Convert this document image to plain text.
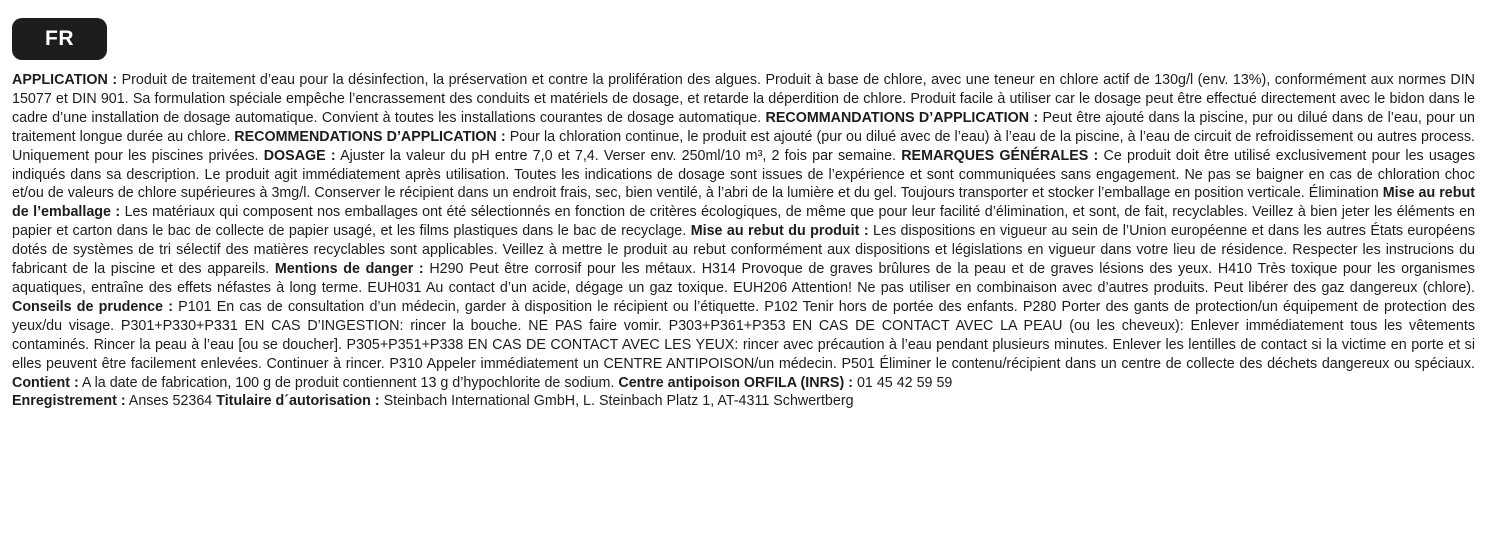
FR

APPLICATION : Produit de traitement d’eau pour la désinfection, la préservation et contre la prolifération des algues. Produit à base de chlore, avec une teneur en chlore actif de 130g/l (env. 13%), conformément aux normes DIN 15077 et DIN 901. Sa formulation spéciale empêche l’encrassement des conduits et matériels de dosage, et retarde la déperdition de chlore. Produit facile à utiliser car le dosage peut être effectué directement avec le bidon dans le cadre d’une installation de dosage automatique. Convient à toutes les installations courantes de dosage automatique. RECOMMANDATIONS D’APPLICATION : Peut être ajouté dans la piscine, pur ou dilué dans de l’eau, pour un traitement longue durée au chlore. RECOMMENDATIONS D’APPLICATION : Pour la chloration continue, le produit est ajouté (pur ou dilué avec de l’eau) à l’eau de la piscine, à l’eau de circuit de refroidissement ou autres process. Uniquement pour les piscines privées. DOSAGE : Ajuster la valeur du pH entre 7,0 et 7,4. Verser env. 250ml/10 m³, 2 fois par semaine. REMARQUES GÉNÉRALES : Ce produit doit être utilisé exclusivement pour les usages indiqués dans sa description. Le produit agit immédiatement après utilisation. Toutes les indications de dosage sont issues de l’expérience et sont communiquées sans engagement. Ne pas se baigner en cas de chloration choc et/ou de valeurs de chlore supérieures à 3mg/l. Conserver le récipient dans un endroit frais, sec, bien ventilé, à l’abri de la lumière et du gel. Toujours transporter et stocker l’emballage en position verticale. Élimination Mise au rebut de l’emballage : Les matériaux qui composent nos emballages ont été sélectionnés en fonction de critères écologiques, de même que pour leur facilité d’élimination, et sont, de fait, recyclables. Veillez à bien jeter les éléments en papier et carton dans le bac de collecte de papier usagé, et les films plastiques dans le bac de recyclage. Mise au rebut du produit : Les dispositions en vigueur au sein de l’Union européenne et dans les autres États européens dotés de systèmes de tri sélectif des matières recyclables sont applicables. Veillez à mettre le produit au rebut conformément aux dispositions et législations en vigueur dans votre lieu de résidence. Respecter les instrucions du fabricant de la piscine et des appareils. Mentions de danger : H290 Peut être corrosif pour les métaux. H314 Provoque de graves brûlures de la peau et de graves lésions des yeux. H410 Très toxique pour les organismes aquatiques, entraîne des effets néfastes à long terme. EUH031 Au contact d’un acide, dégage un gaz toxique. EUH206 Attention! Ne pas utiliser en combinaison avec d’autres produits. Peut libérer des gaz dangereux (chlore). Conseils de prudence : P101 En cas de consultation d’un médecin, garder à disposition le récipient ou l’étiquette. P102 Tenir hors de portée des enfants. P280 Porter des gants de protection/un équipement de protection des yeux/du visage. P301+P330+P331 EN CAS D’INGESTION: rincer la bouche. NE PAS faire vomir. P303+P361+P353 EN CAS DE CONTACT AVEC LA PEAU (ou les cheveux): Enlever immédiatement tous les vêtements contaminés. Rincer la peau à l’eau [ou se doucher]. P305+P351+P338 EN CAS DE CONTACT AVEC LES YEUX: rincer avec précaution à l’eau pendant plusieurs minutes. Enlever les lentilles de contact si la victime en porte et si elles peuvent être facilement enlevées. Continuer à rincer. P310 Appeler immédiatement un CENTRE ANTIPOISON/un médecin. P501 Éliminer le contenu/récipient dans un centre de collecte des déchets dangereux ou spéciaux. Contient : A la date de fabrication, 100 g de produit contiennent 13 g d’hypochlorite de sodium. Centre antipoison ORFILA (INRS) : 01 45 42 59 59
Enregistrement : Anses 52364 Titulaire d´autorisation : Steinbach International GmbH, L. Steinbach Platz 1, AT-4311 Schwertberg
